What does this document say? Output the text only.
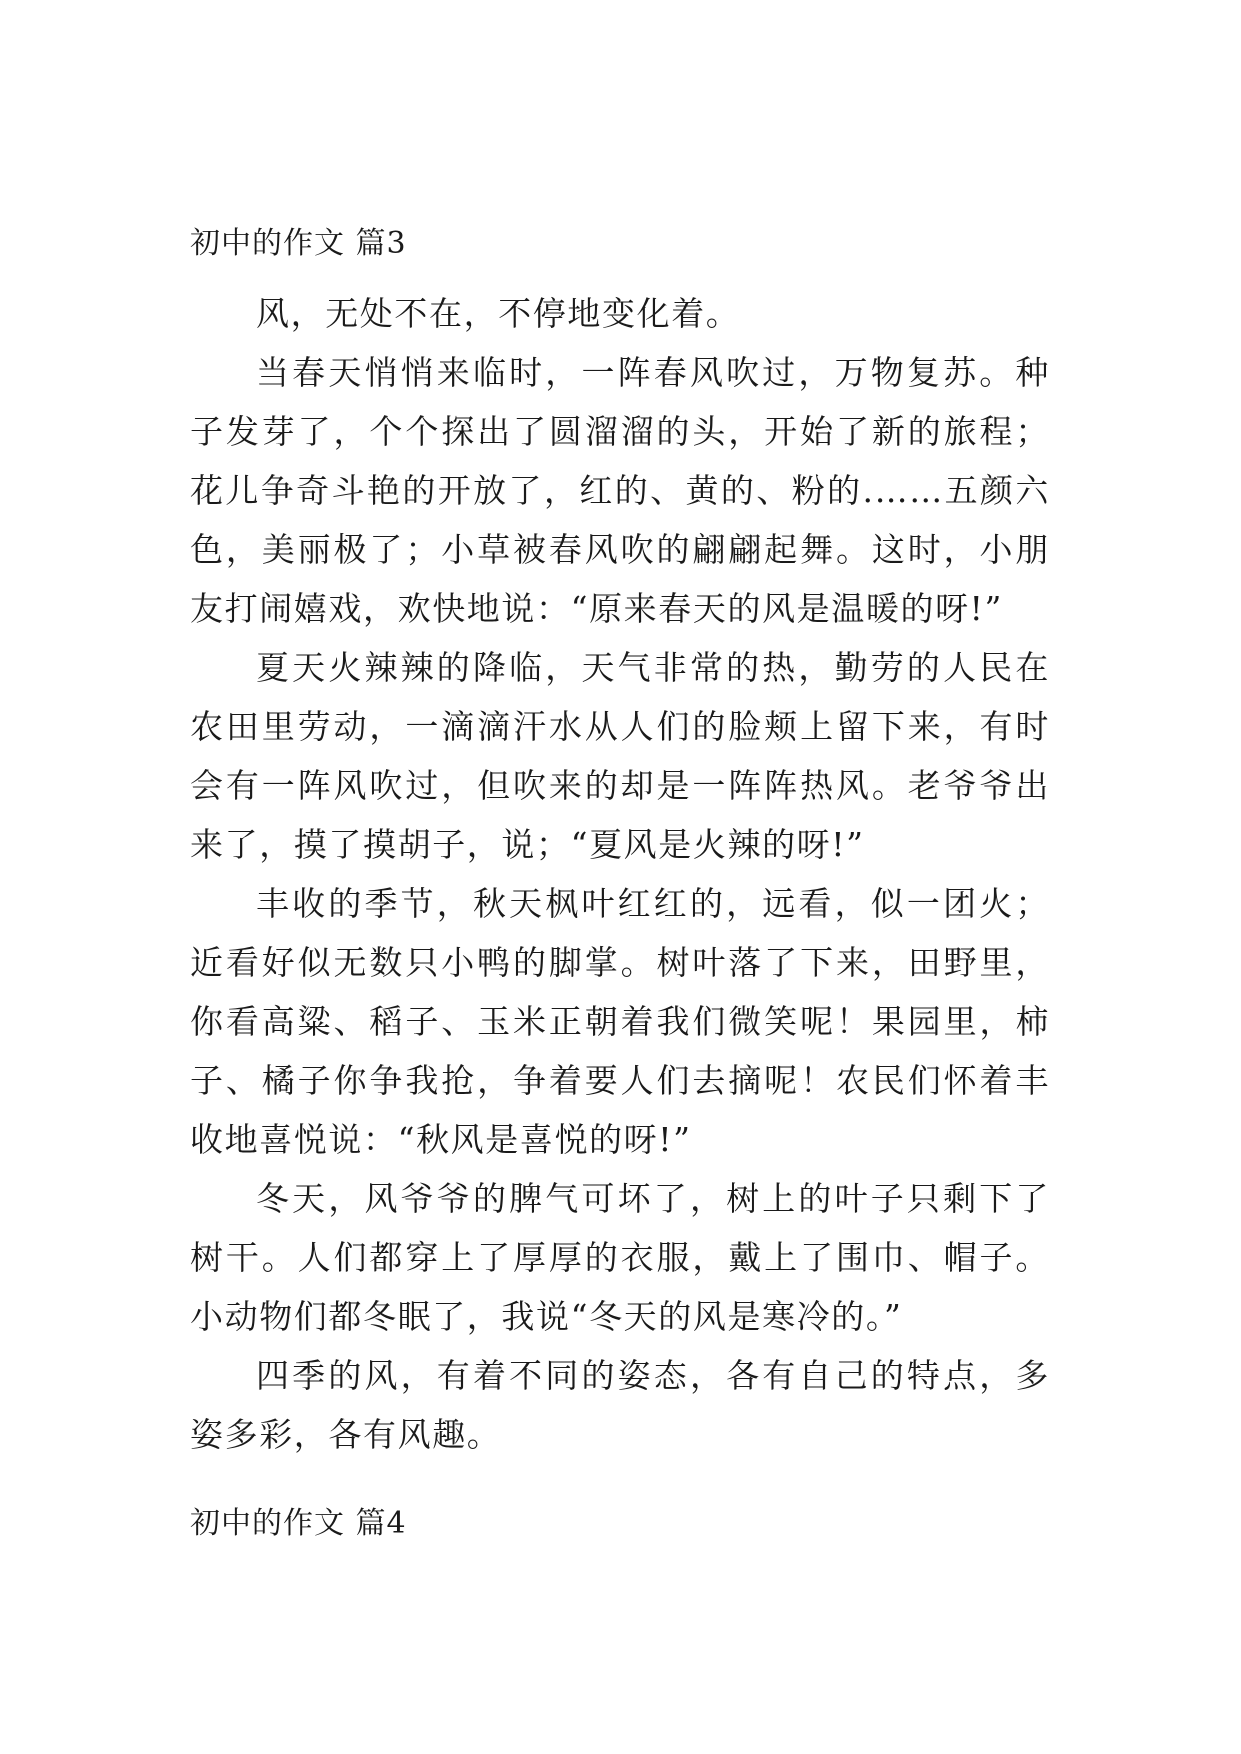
初中的作文 篇3

风，无处不在，不停地变化着。

当春天悄悄来临时，一阵春风吹过，万物复苏。种子发芽了，个个探出了圆溜溜的头，开始了新的旅程；花儿争奇斗艳的开放了，红的、黄的、粉的.……五颜六色，美丽极了；小草被春风吹的翩翩起舞。这时，小朋友打闹嬉戏，欢快地说：“原来春天的风是温暖的呀!”

夏天火辣辣的降临，天气非常的热，勤劳的人民在农田里劳动，一滴滴汗水从人们的脸颊上留下来，有时会有一阵风吹过，但吹来的却是一阵阵热风。老爷爷出来了，摸了摸胡子，说；“夏风是火辣的呀!”

丰收的季节，秋天枫叶红红的，远看，似一团火；近看好似无数只小鸭的脚掌。树叶落了下来，田野里，你看高粱、稻子、玉米正朝着我们微笑呢！果园里，柿子、橘子你争我抢，争着要人们去摘呢！农民们怀着丰收地喜悦说：“秋风是喜悦的呀!”

冬天，风爷爷的脾气可坏了，树上的叶子只剩下了树干。人们都穿上了厚厚的衣服，戴上了围巾、帽子。小动物们都冬眠了，我说“冬天的风是寒冷的。”

四季的风，有着不同的姿态，各有自己的特点，多姿多彩，各有风趣。

初中的作文 篇4
